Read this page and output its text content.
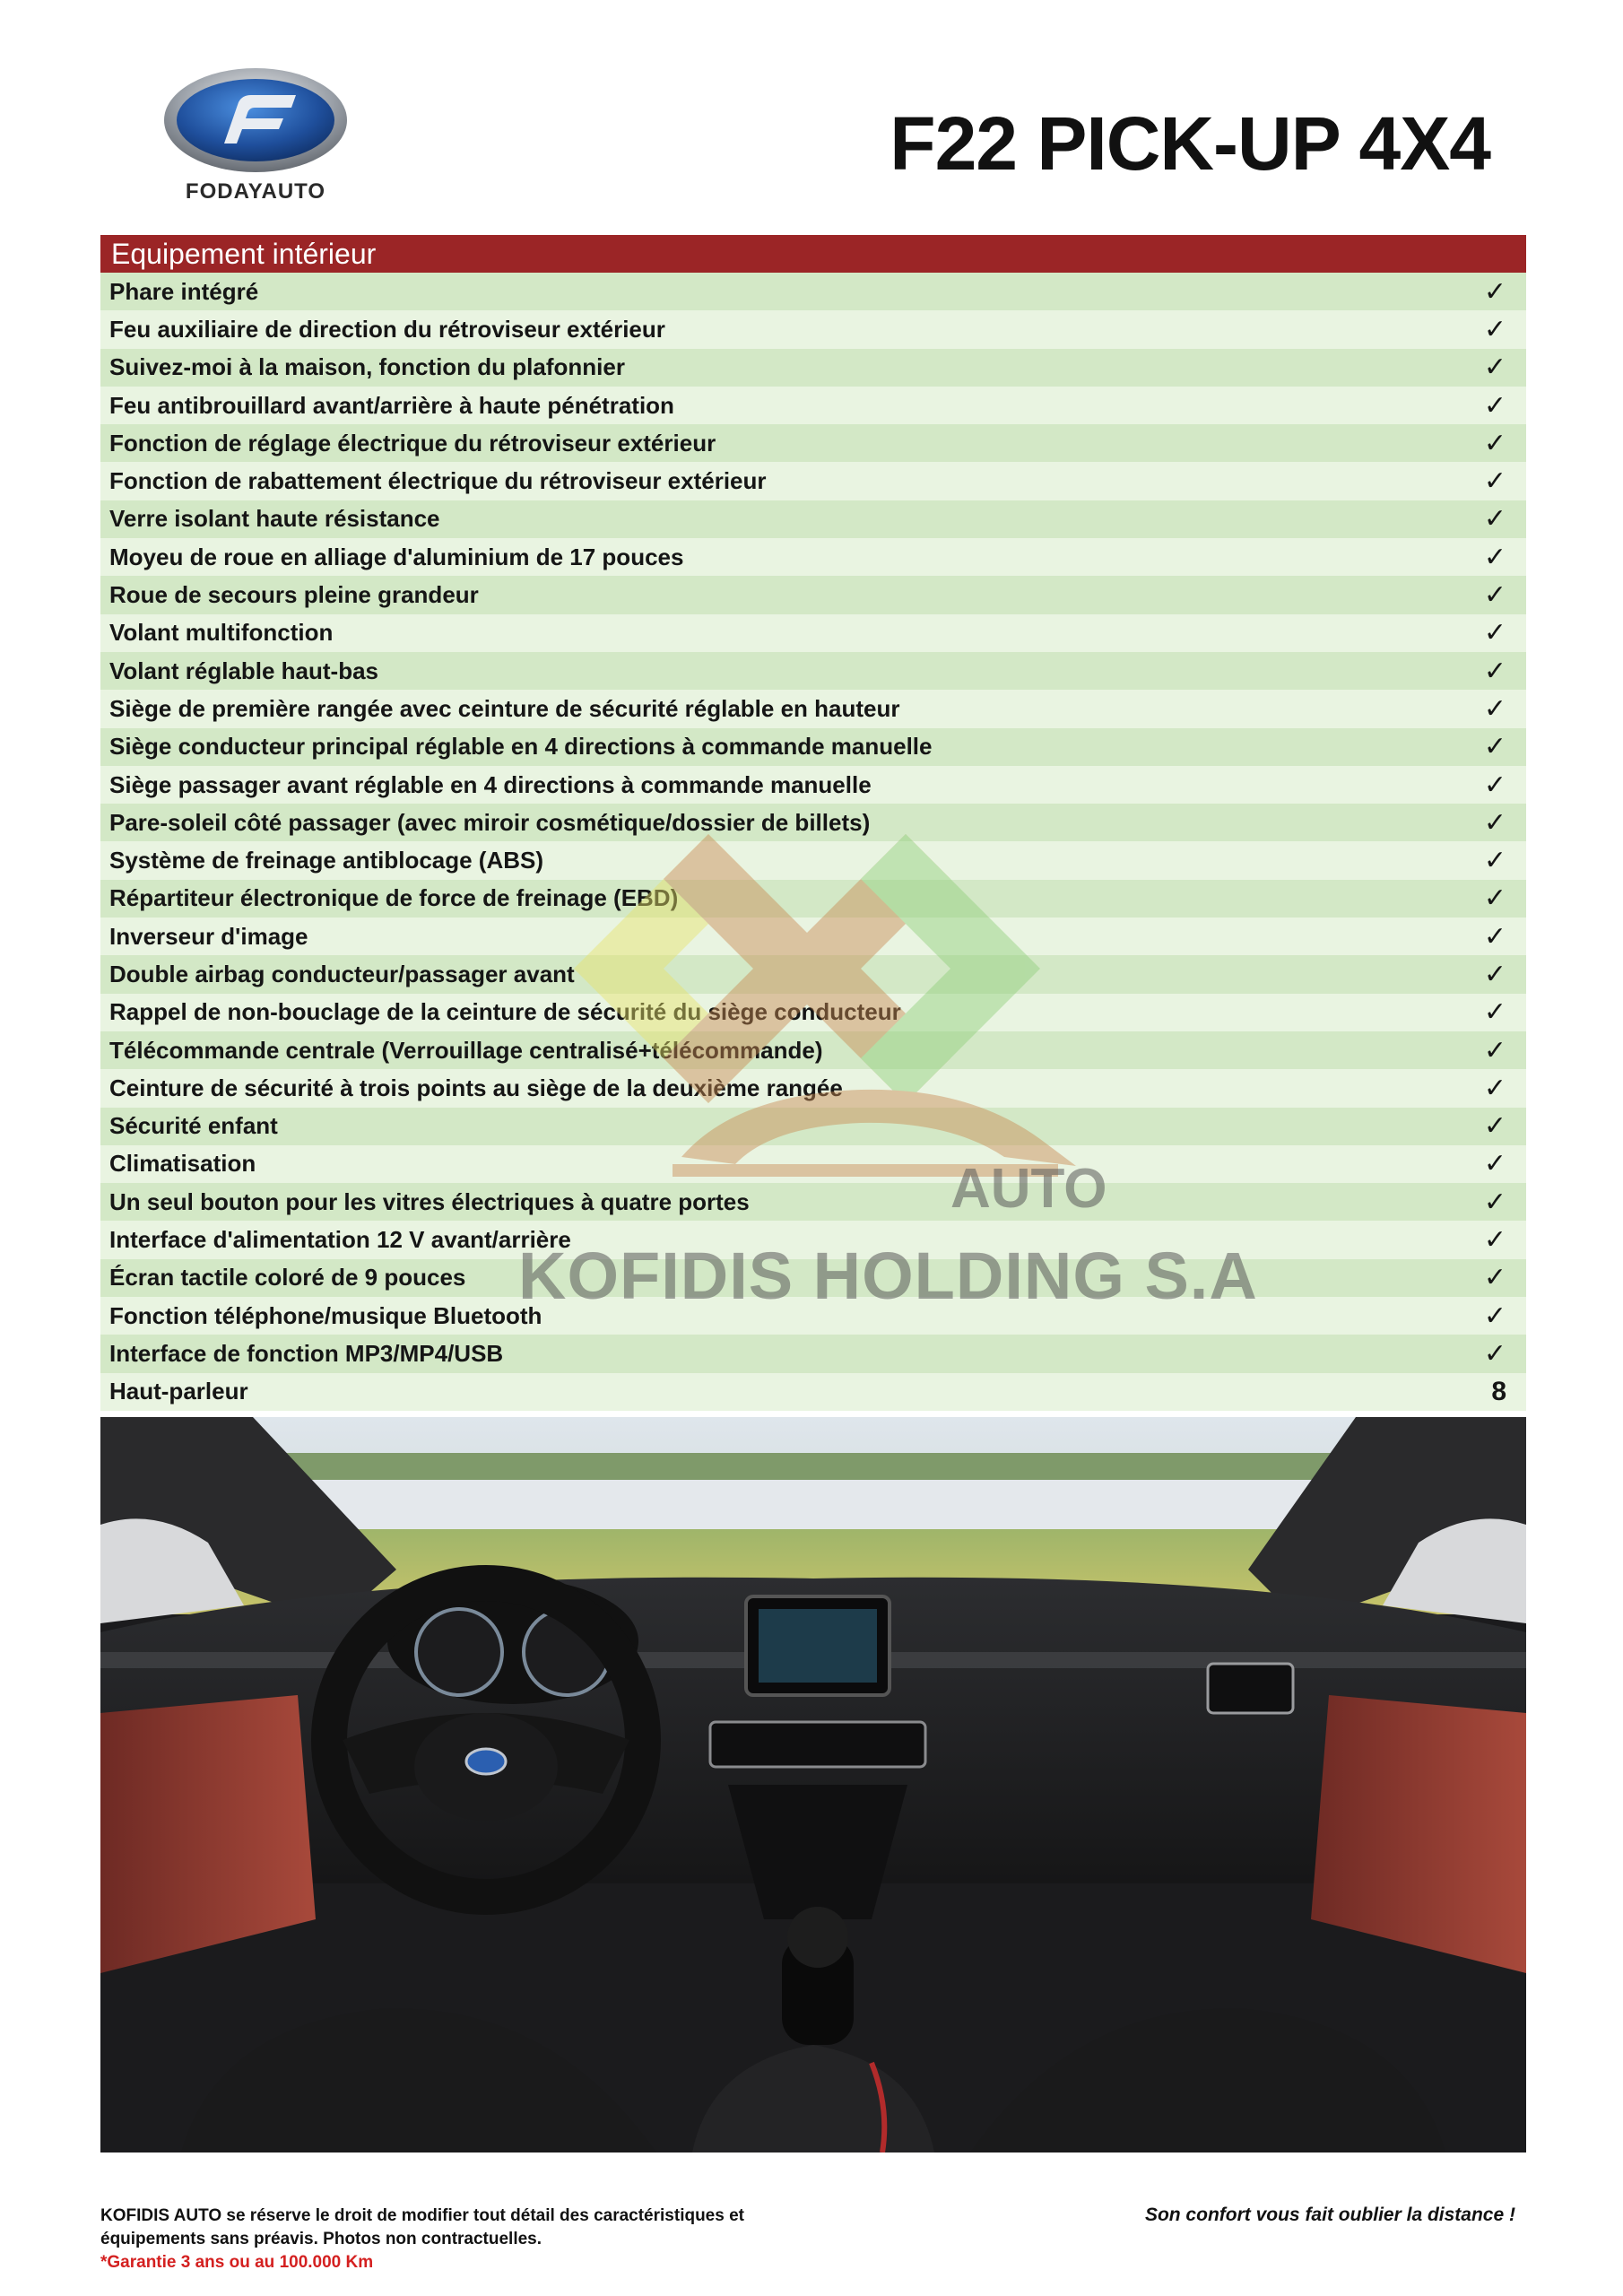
FODAYAUTO
F22 PICK-UP 4X4
Equipement intérieur
Phare intégré	✓
Feu auxiliaire de direction du rétroviseur extérieur	✓
Suivez-moi à la maison, fonction du plafonnier	✓
Feu antibrouillard avant/arrière à haute pénétration	✓
Fonction de réglage électrique du rétroviseur extérieur	✓
Fonction de rabattement électrique du rétroviseur extérieur	✓
Verre isolant haute résistance	✓
Moyeu de roue en alliage d'aluminium de 17 pouces	✓
Roue de secours pleine grandeur	✓
Volant multifonction	✓
Volant réglable haut-bas	✓
Siège de première rangée avec ceinture de sécurité réglable en hauteur	✓
Siège conducteur principal réglable en 4 directions à commande manuelle	✓
Siège passager avant réglable en 4 directions à commande manuelle	✓
Pare-soleil côté passager (avec miroir cosmétique/dossier de billets)	✓
Système de freinage antiblocage (ABS)	✓
Répartiteur électronique de force de freinage (EBD)	✓
Inverseur d'image	✓
Double airbag conducteur/passager avant	✓
Rappel de non-bouclage de la ceinture de sécurité du siège conducteur	✓
Télécommande centrale (Verrouillage centralisé+télécommande)	✓
Ceinture de sécurité à trois points au siège de la deuxième rangée	✓
Sécurité enfant	✓
Climatisation	✓
Un seul bouton pour les vitres électriques à quatre portes	✓
Interface d'alimentation 12 V avant/arrière	✓
Écran tactile coloré de 9 pouces	✓
Fonction téléphone/musique Bluetooth	✓
Interface de fonction MP3/MP4/USB	✓
Haut-parleur	8
AUTO
KOFIDIS HOLDING S.A
KOFIDIS AUTO se réserve le droit de modifier tout détail des caractéristiques et
équipements sans préavis. Photos non contractuelles.
*Garantie 3 ans ou au 100.000 Km
Son confort vous fait oublier la distance !
